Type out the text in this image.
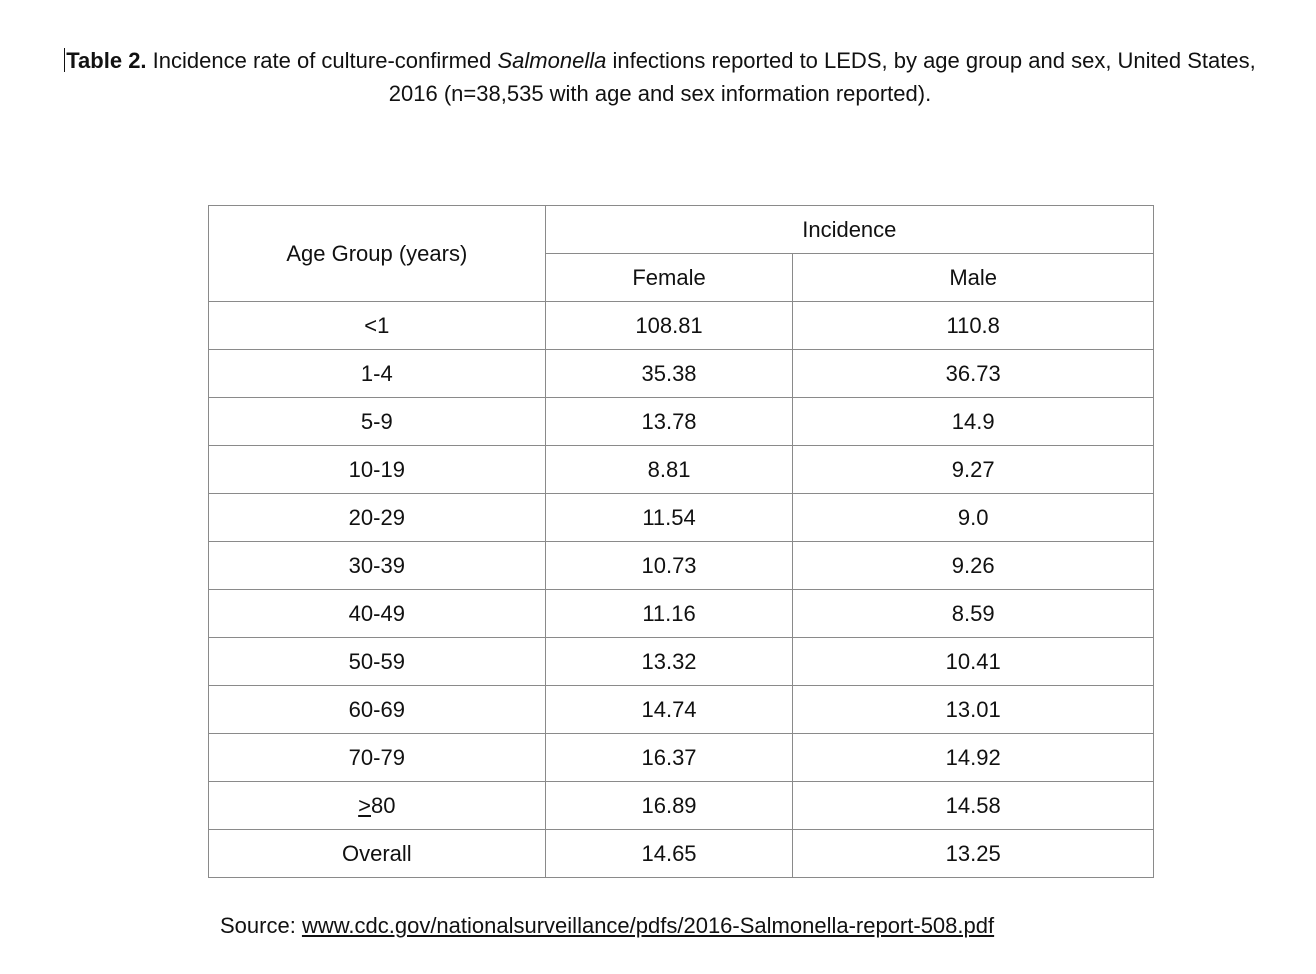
Table 2. Incidence rate of culture-confirmed Salmonella infections reported to LEDS, by age group and sex, United States, 2016 (n=38,535 with age and sex information reported).
Age Group (years)	Incidence	
	Female	Male
<1	108.81	110.8
1-4	35.38	36.73
5-9	13.78	14.9
10-19	8.81	9.27
20-29	11.54	9.0
30-39	10.73	9.26
40-49	11.16	8.59
50-59	13.32	10.41
60-69	14.74	13.01
70-79	16.37	14.92
>80	16.89	14.58
Overall	14.65	13.25
Source: www.cdc.gov/nationalsurveillance/pdfs/2016-Salmonella-report-508.pdf
